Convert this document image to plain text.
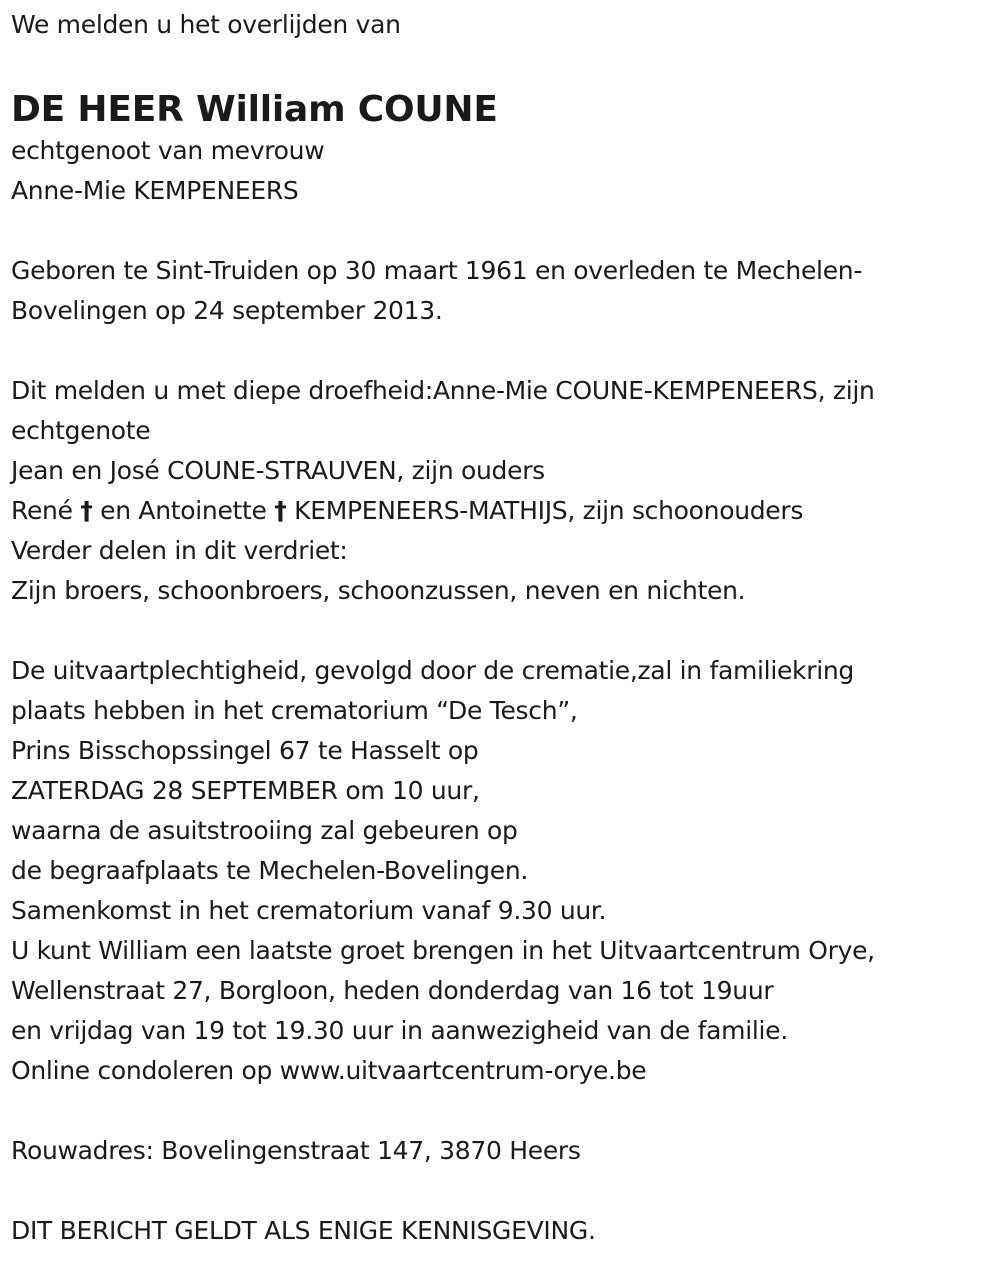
We melden u het overlijden van
DE HEER William COUNE
echtgenoot van mevrouw
Anne-Mie KEMPENEERS
Geboren te Sint-Truiden op 30 maart 1961 en overleden te Mechelen-
Bovelingen op 24 september 2013.
Dit melden u met diepe droefheid:Anne-Mie COUNE-KEMPENEERS, zijn
echtgenote
Jean en José COUNE-STRAUVEN, zijn ouders
René † en Antoinette † KEMPENEERS-MATHIJS, zijn schoonouders
Verder delen in dit verdriet:
Zijn broers, schoonbroers, schoonzussen, neven en nichten.
De uitvaartplechtigheid, gevolgd door de crematie,zal in familiekring
plaats hebben in het crematorium “De Tesch”,
Prins Bisschopssingel 67 te Hasselt op
ZATERDAG 28 SEPTEMBER om 10 uur,
waarna de asuitstrooiing zal gebeuren op
de begraafplaats te Mechelen-Bovelingen.
Samenkomst in het crematorium vanaf 9.30 uur.
U kunt William een laatste groet brengen in het Uitvaartcentrum Orye,
Wellenstraat 27, Borgloon, heden donderdag van 16 tot 19uur
en vrijdag van 19 tot 19.30 uur in aanwezigheid van de familie.
Online condoleren op www.uitvaartcentrum-orye.be
Rouwadres: Bovelingenstraat 147, 3870 Heers
DIT BERICHT GELDT ALS ENIGE KENNISGEVING.
